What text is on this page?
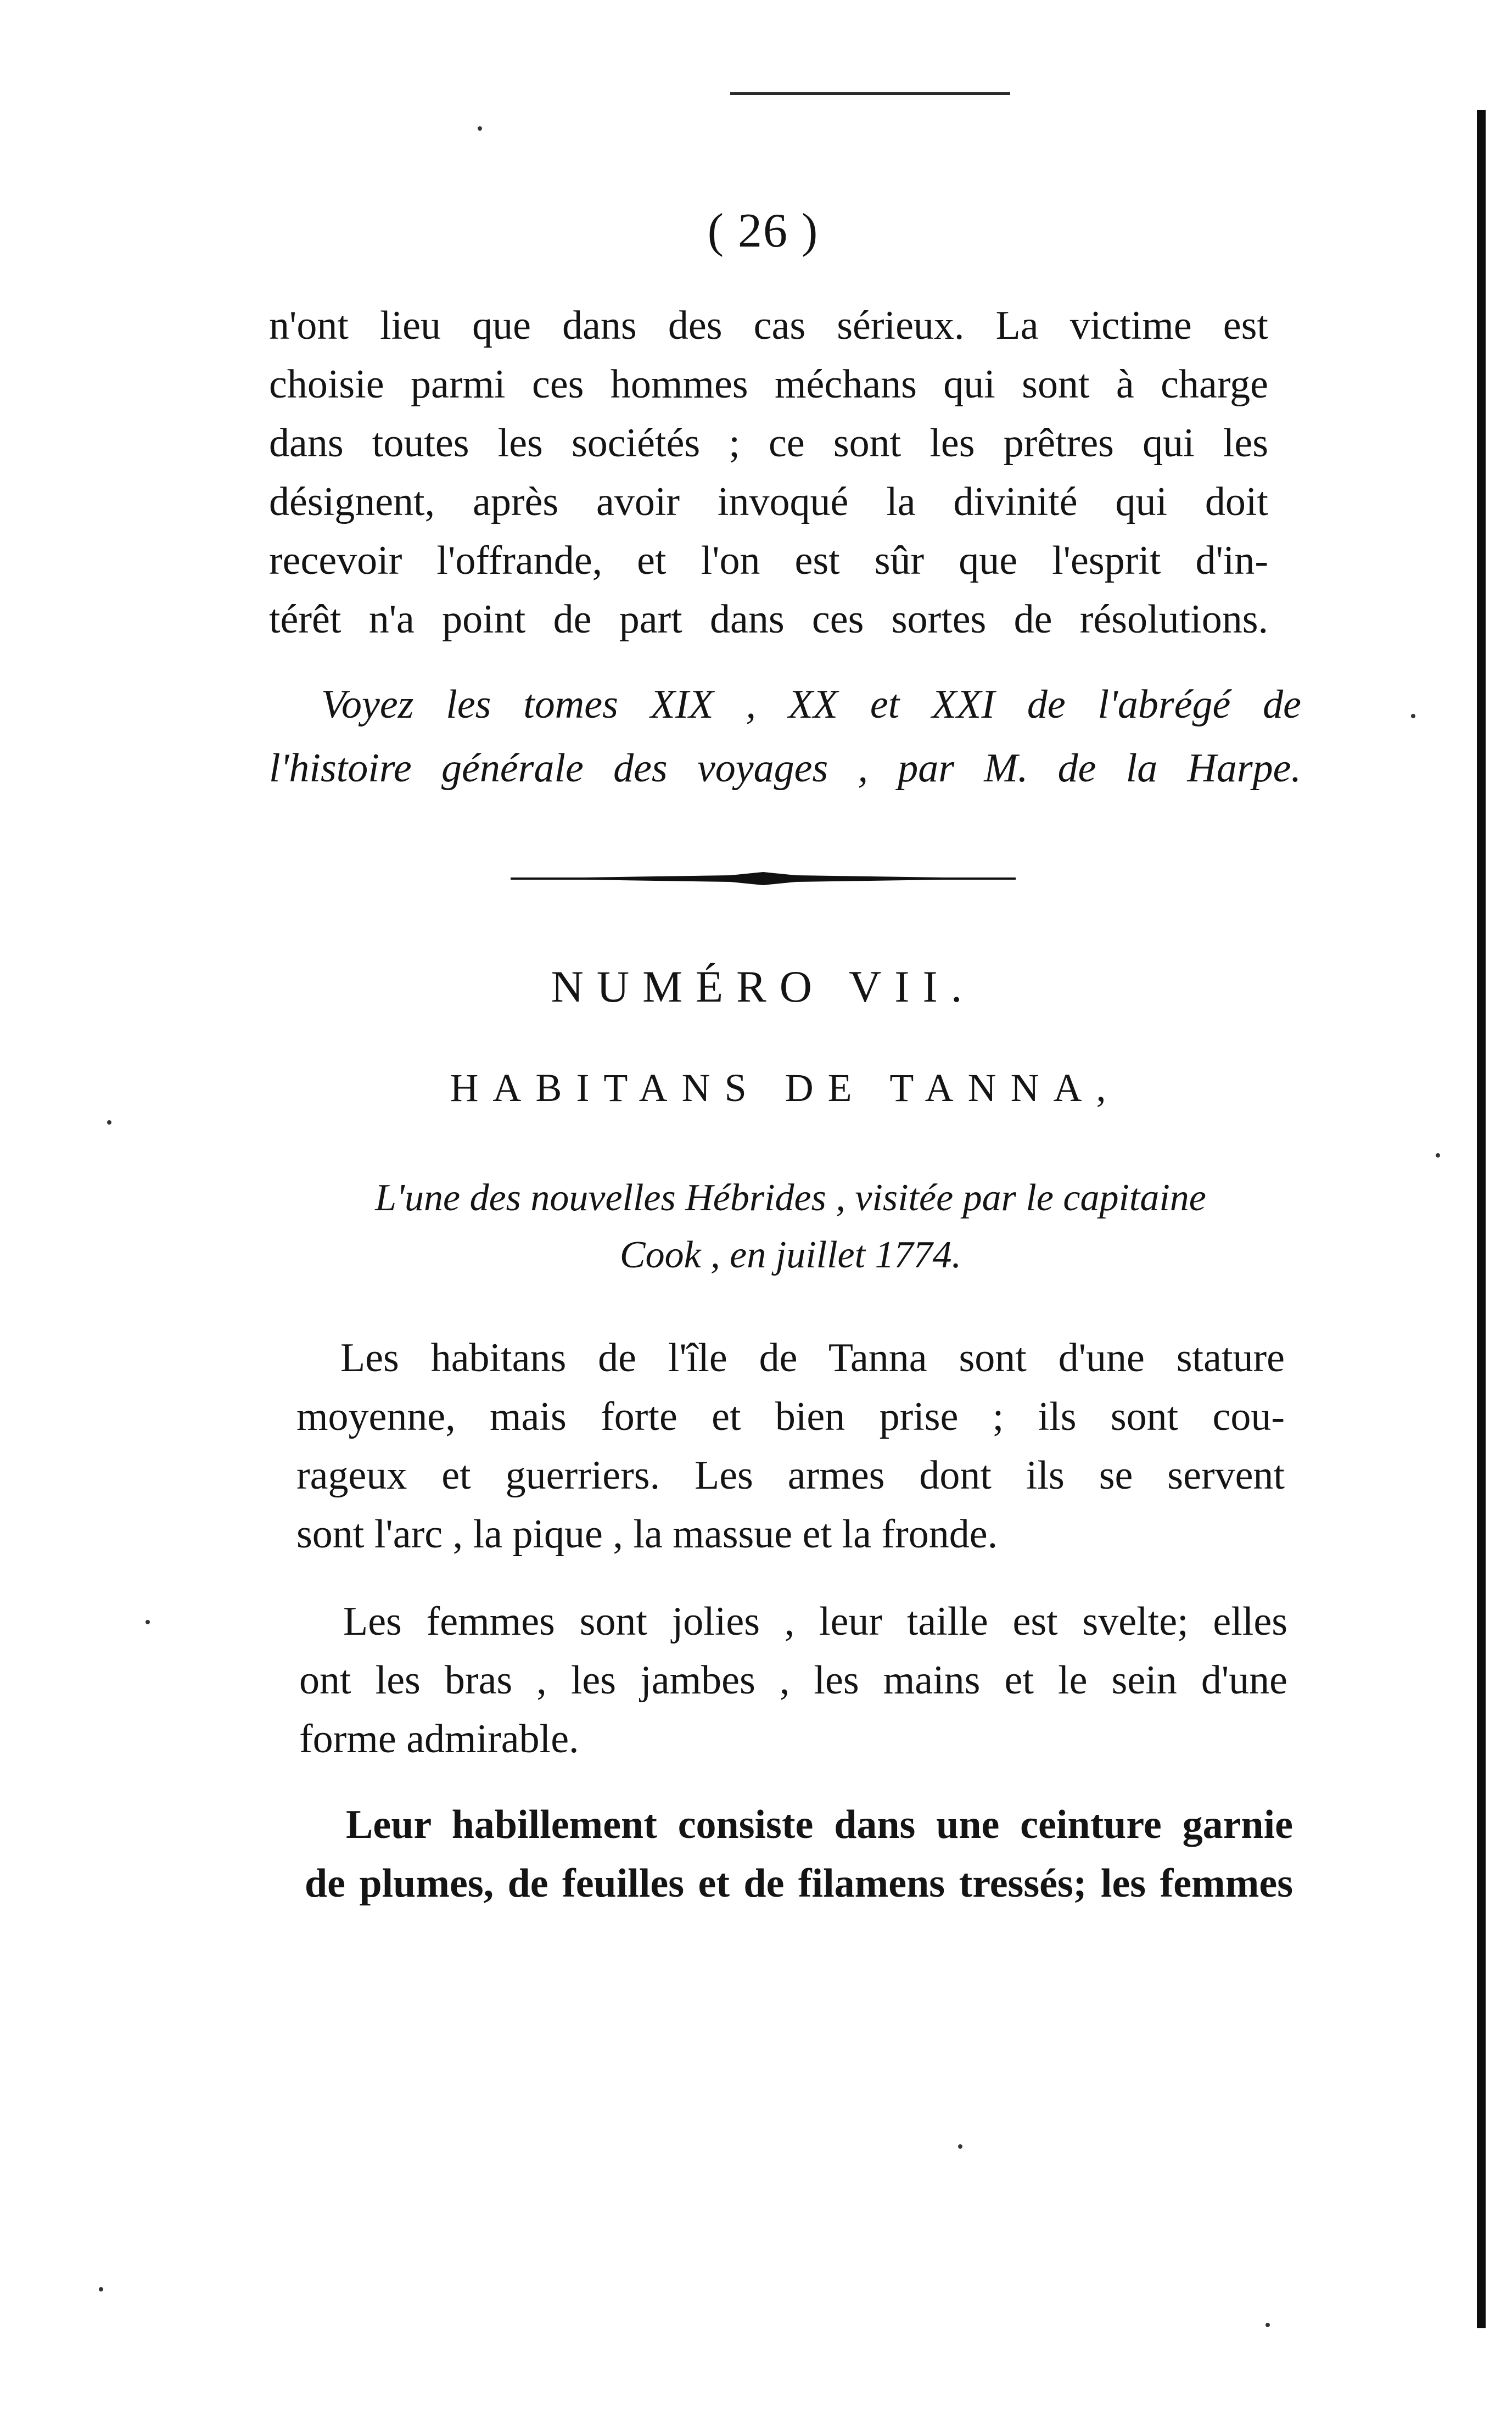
( 26 )
n'ont lieu que dans des cas sérieux. La victime est
choisie parmi ces hommes méchans qui sont à charge
dans toutes les sociétés ; ce sont les prêtres qui les
désignent, après avoir invoqué la divinité qui doit
recevoir l'offrande, et l'on est sûr que l'esprit d'in-
térêt n'a point de part dans ces sortes de résolutions.
Voyez les tomes XIX , XX et XXI de l'abrégé de
l'histoire générale des voyages , par M. de la Harpe.
NUMÉRO VII.
HABITANS DE TANNA,
L'une des nouvelles Hébrides , visitée par le capitaine
Cook , en juillet 1774.
Les habitans de l'île de Tanna sont d'une stature
moyenne, mais forte et bien prise ; ils sont cou-
rageux et guerriers. Les armes dont ils se servent
sont l'arc , la pique , la massue et la fronde.
Les femmes sont jolies , leur taille est svelte; elles
ont les bras , les jambes , les mains et le sein d'une
forme admirable.
Leur habillement consiste dans une ceinture garnie
de plumes, de feuilles et de filamens tressés; les femmes
